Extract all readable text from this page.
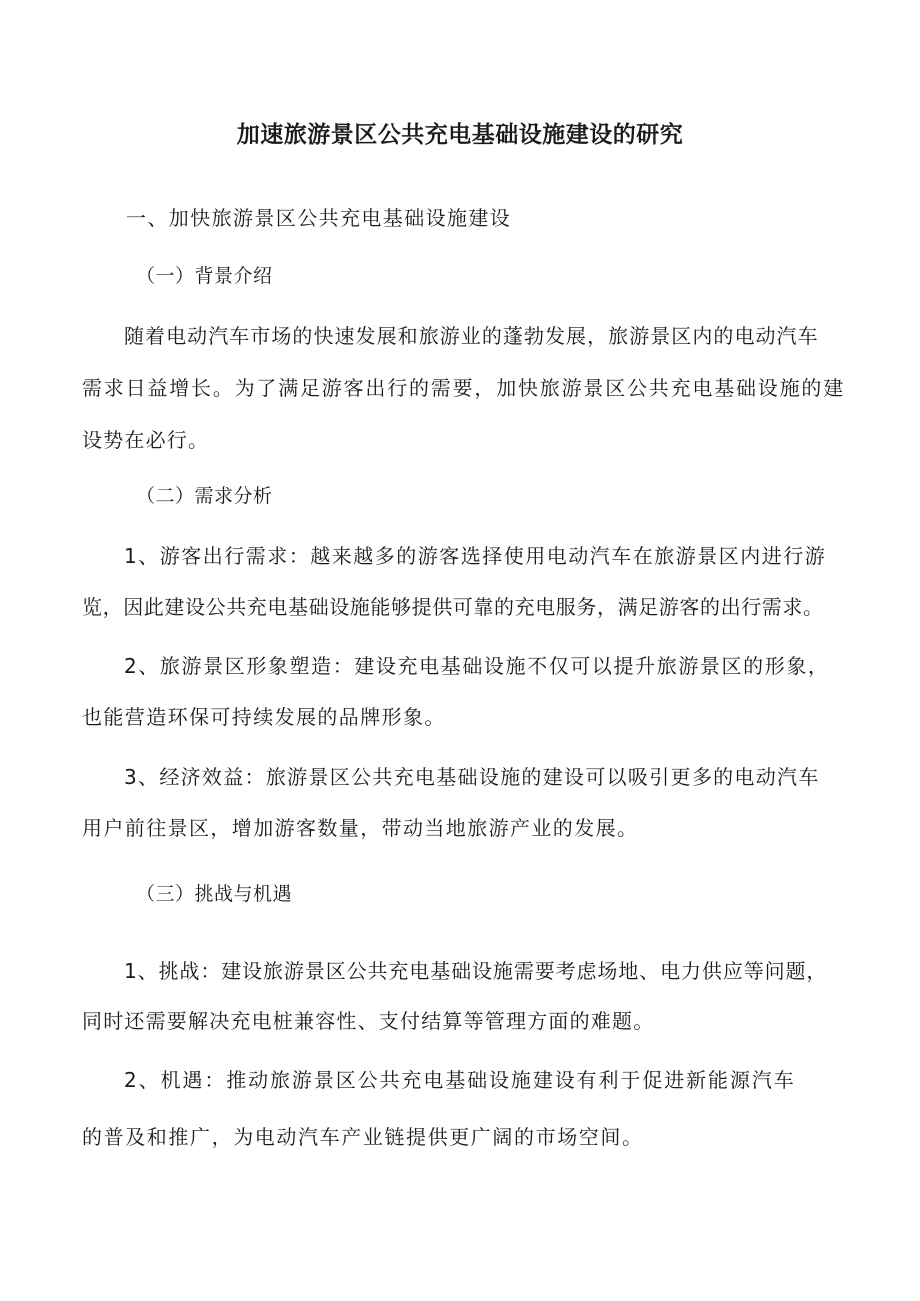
加速旅游景区公共充电基础设施建设的研究
一、加快旅游景区公共充电基础设施建设
（一）背景介绍
随着电动汽车市场的快速发展和旅游业的蓬勃发展，旅游景区内的电动汽车
需求日益增长。为了满足游客出行的需要，加快旅游景区公共充电基础设施的建
设势在必行。
（二）需求分析
1、游客出行需求：越来越多的游客选择使用电动汽车在旅游景区内进行游
览，因此建设公共充电基础设施能够提供可靠的充电服务，满足游客的出行需求。
2、旅游景区形象塑造：建设充电基础设施不仅可以提升旅游景区的形象，
也能营造环保可持续发展的品牌形象。
3、经济效益：旅游景区公共充电基础设施的建设可以吸引更多的电动汽车
用户前往景区，增加游客数量，带动当地旅游产业的发展。
（三）挑战与机遇
1、挑战：建设旅游景区公共充电基础设施需要考虑场地、电力供应等问题，
同时还需要解决充电桩兼容性、支付结算等管理方面的难题。
2、机遇：推动旅游景区公共充电基础设施建设有利于促进新能源汽车
的普及和推广，为电动汽车产业链提供更广阔的市场空间。
